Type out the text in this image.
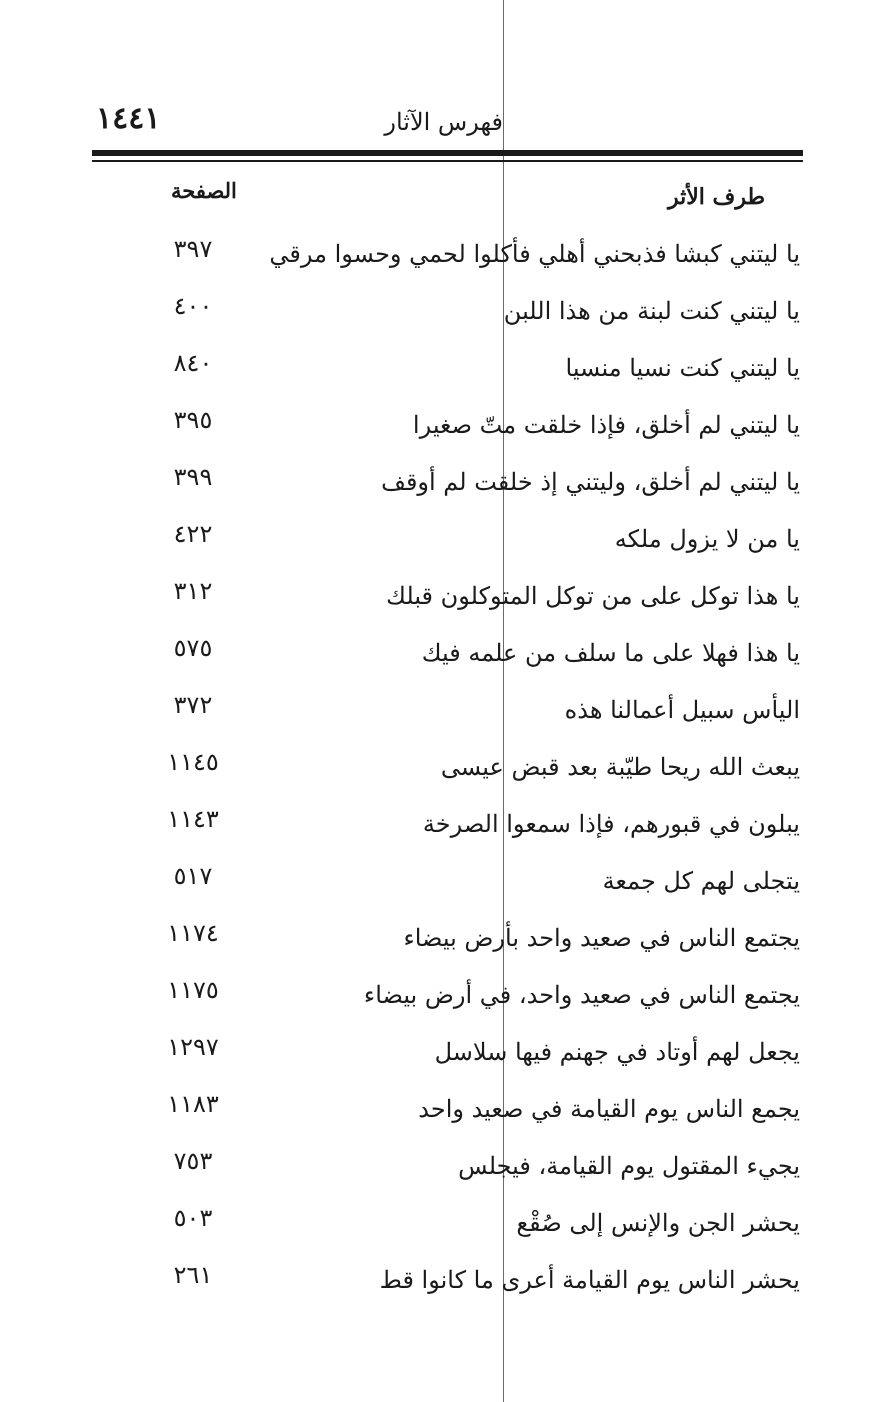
١٤٤١	فهرس الآثار
طرف الأثر
الصفحة
يا ليتني كبشا فذبحني أهلي فأكلوا لحمي وحسوا مرقي
٣٩٧
يا ليتني كنت لبنة من هذا اللبن
٤٠٠
يا ليتني كنت نسيا منسيا
٨٤٠
يا ليتني لم أخلق، فإذا خلقت متّ صغيرا
٣٩٥
يا ليتني لم أخلق، وليتني إذ خلقت لم أوقف
٣٩٩
يا من لا يزول ملكه
٤٢٢
يا هذا توكل على من توكل المتوكلون قبلك
٣١٢
يا هذا فهلا على ما سلف من علمه فيك
٥٧٥
اليأس سبيل أعمالنا هذه
٣٧٢
يبعث الله ريحا طيّبة بعد قبض عيسى
١١٤٥
يبلون في قبورهم، فإذا سمعوا الصرخة
١١٤٣
يتجلى لهم كل جمعة
٥١٧
يجتمع الناس في صعيد واحد بأرض بيضاء
١١٧٤
يجتمع الناس في صعيد واحد، في أرض بيضاء
١١٧٥
يجعل لهم أوتاد في جهنم فيها سلاسل
١٢٩٧
يجمع الناس يوم القيامة في صعيد واحد
١١٨٣
يجيء المقتول يوم القيامة، فيجلس
٧٥٣
يحشر الجن والإنس إلى صُقْع
٥٠٣
يحشر الناس يوم القيامة أعرى ما كانوا قط
٢٦١
